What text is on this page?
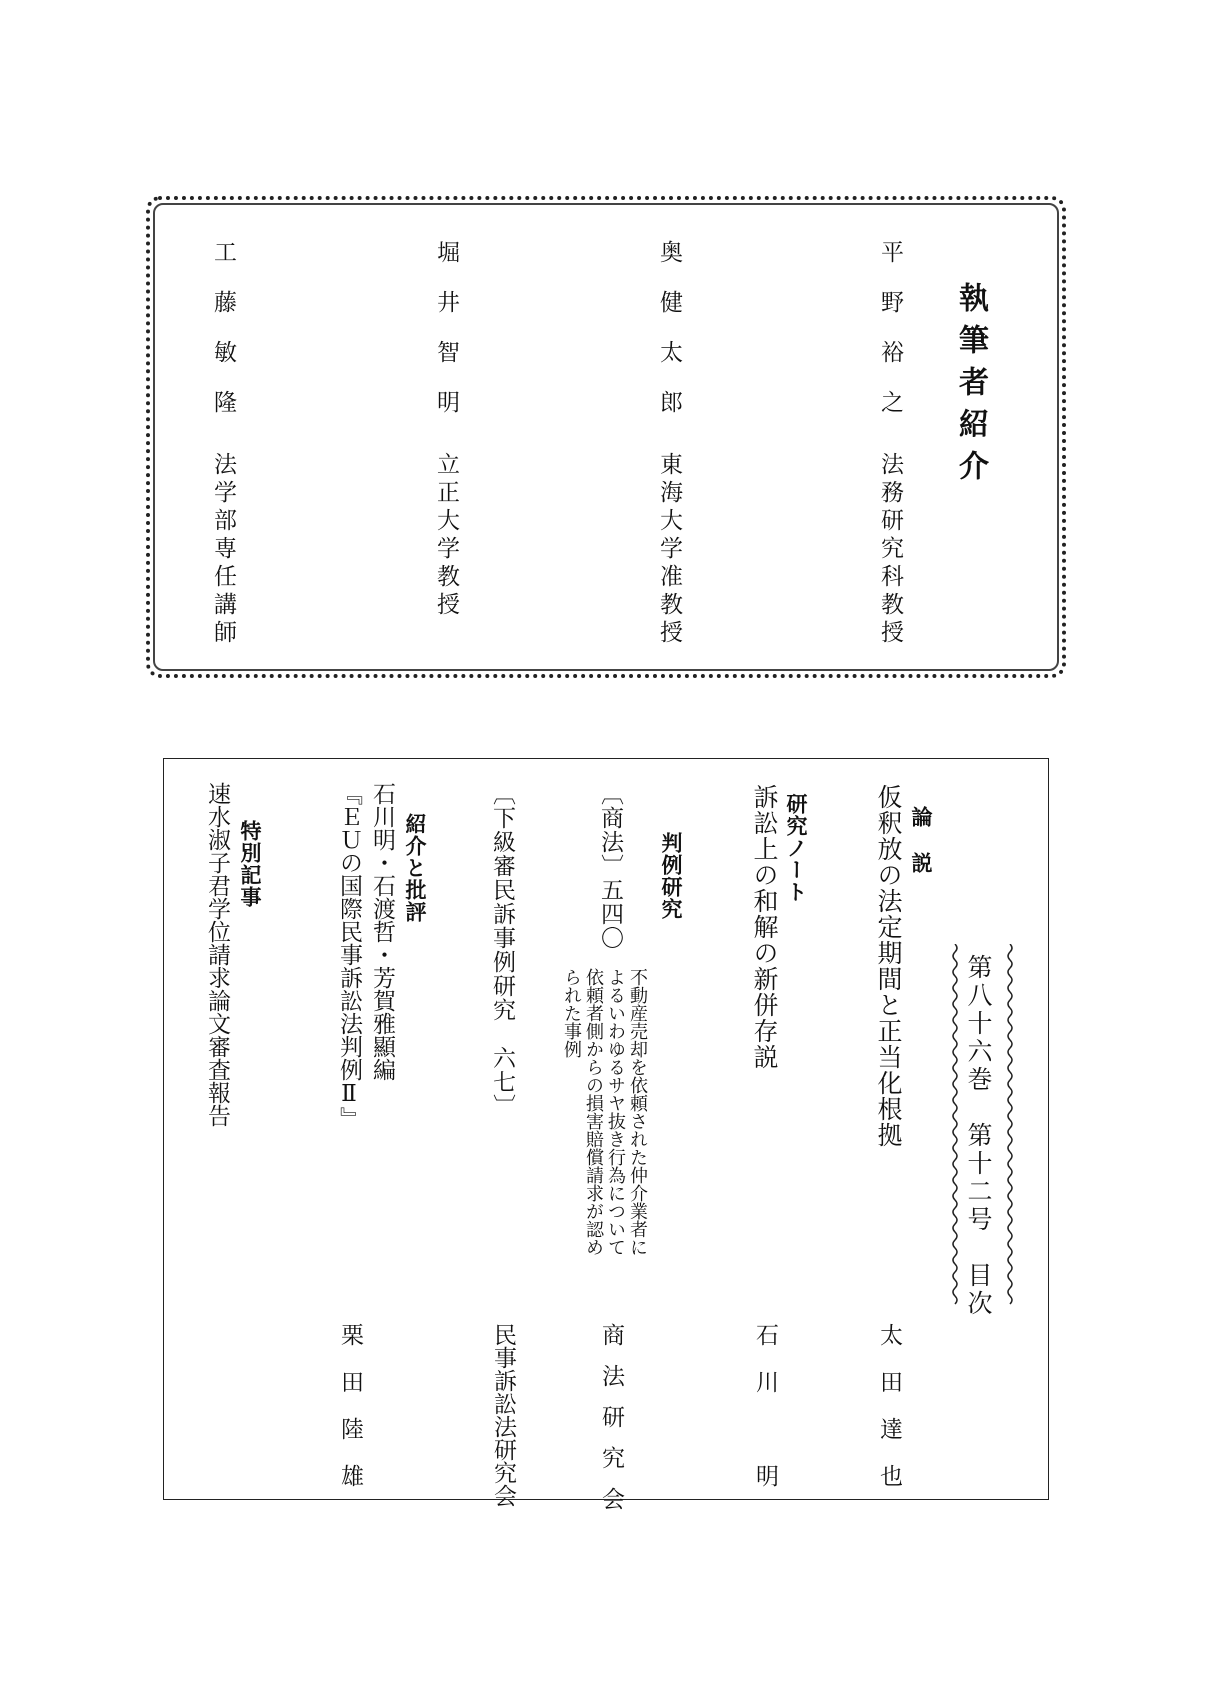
執筆者紹介
平野裕之
法務研究科教授
奥健太郎
東海大学准教授
堀井智明
立正大学教授
工藤敏隆
法学部専任講師
第八十六巻　第十二号　目次
論　説
仮釈放の法定期間と正当化根拠
太田達也
研究ノート
訴訟上の和解の新併存説
石川　明
判例研究
〔商法〕五四〇
不動産売却を依頼された仲介業者に
よるいわゆるサヤ抜き行為について
依頼者側からの損害賠償請求が認め
られた事例
商法研究会
〔下級審民訴事例研究　六七〕
民事訴訟法研究会
紹介と批評
石川明・石渡哲・芳賀雅顯編
『ＥＵの国際民事訴訟法判例Ⅱ』
栗田陸雄
特別記事
速水淑子君学位請求論文審査報告
